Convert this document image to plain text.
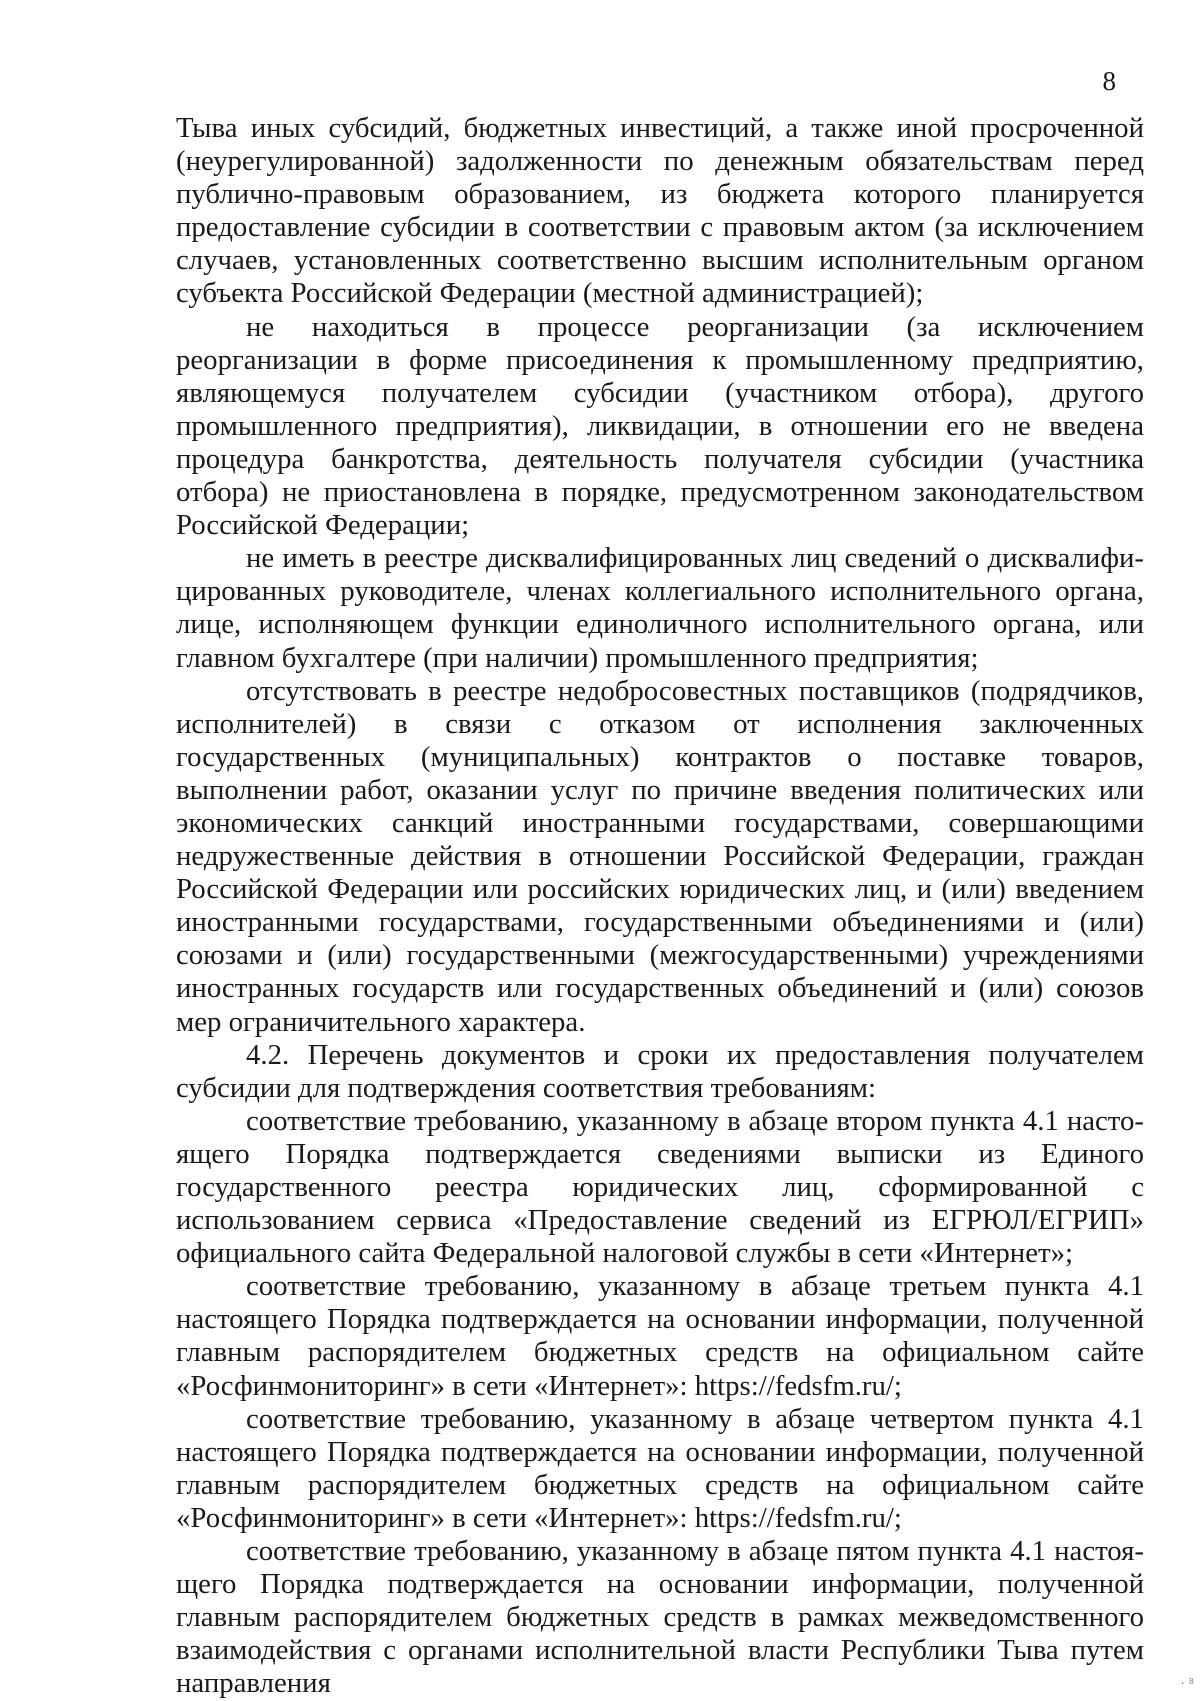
8

Тыва иных субсидий, бюджетных инвестиций, а также иной просроченной (неурегулированной) задолженности по денежным обязательствам перед публично-правовым образованием, из бюджета которого планируется предоставление субсидии в соответствии с правовым актом (за исключением случаев, установленных соответственно высшим исполнительным органом субъекта Российской Федерации (местной администрацией);

не находиться в процессе реорганизации (за исключением реорганизации в форме присоединения к промышленному предприятию, являющемуся получателем субсидии (участником отбора), другого промышленного предприятия), ликвидации, в отношении его не введена процедура банкротства, деятельность получателя субсидии (участника отбора) не приостановлена в порядке, предусмотренном законодательством Российской Федерации;

не иметь в реестре дисквалифицированных лиц сведений о дисквалифицированных руководителе, членах коллегиального исполнительного органа, лице, исполняющем функции единоличного исполнительного органа, или главном бухгалтере (при наличии) промышленного предприятия;

отсутствовать в реестре недобросовестных поставщиков (подрядчиков, исполнителей) в связи с отказом от исполнения заключенных государственных (муниципальных) контрактов о поставке товаров, выполнении работ, оказании услуг по причине введения политических или экономических санкций иностранными государствами, совершающими недружественные действия в отношении Российской Федерации, граждан Российской Федерации или российских юридических лиц, и (или) введением иностранными государствами, государственными объединениями и (или) союзами и (или) государственными (межгосударственными) учреждениями иностранных государств или государственных объединений и (или) союзов мер ограничительного характера.

4.2. Перечень документов и сроки их предоставления получателем субсидии для подтверждения соответствия требованиям:

соответствие требованию, указанному в абзаце втором пункта 4.1 настоящего Порядка подтверждается сведениями выписки из Единого государственного реестра юридических лиц, сформированной с использованием сервиса «Предоставление сведений из ЕГРЮЛ/ЕГРИП» официального сайта Федеральной налоговой службы в сети «Интернет»;

соответствие требованию, указанному в абзаце третьем пункта 4.1 настоящего Порядка подтверждается на основании информации, полученной главным распорядителем бюджетных средств на официальном сайте «Росфинмониторинг» в сети «Интернет»: https://fedsfm.ru/;

соответствие требованию, указанному в абзаце четвертом пункта 4.1 настоящего Порядка подтверждается на основании информации, полученной главным распорядителем бюджетных средств на официальном сайте «Росфинмониторинг» в сети «Интернет»: https://fedsfm.ru/;

соответствие требованию, указанному в абзаце пятом пункта 4.1 настоящего Порядка подтверждается на основании информации, полученной главным распорядителем бюджетных средств в рамках межведомственного взаимодействия с органами исполнительной власти Республики Тыва путем направления	· ⁸
